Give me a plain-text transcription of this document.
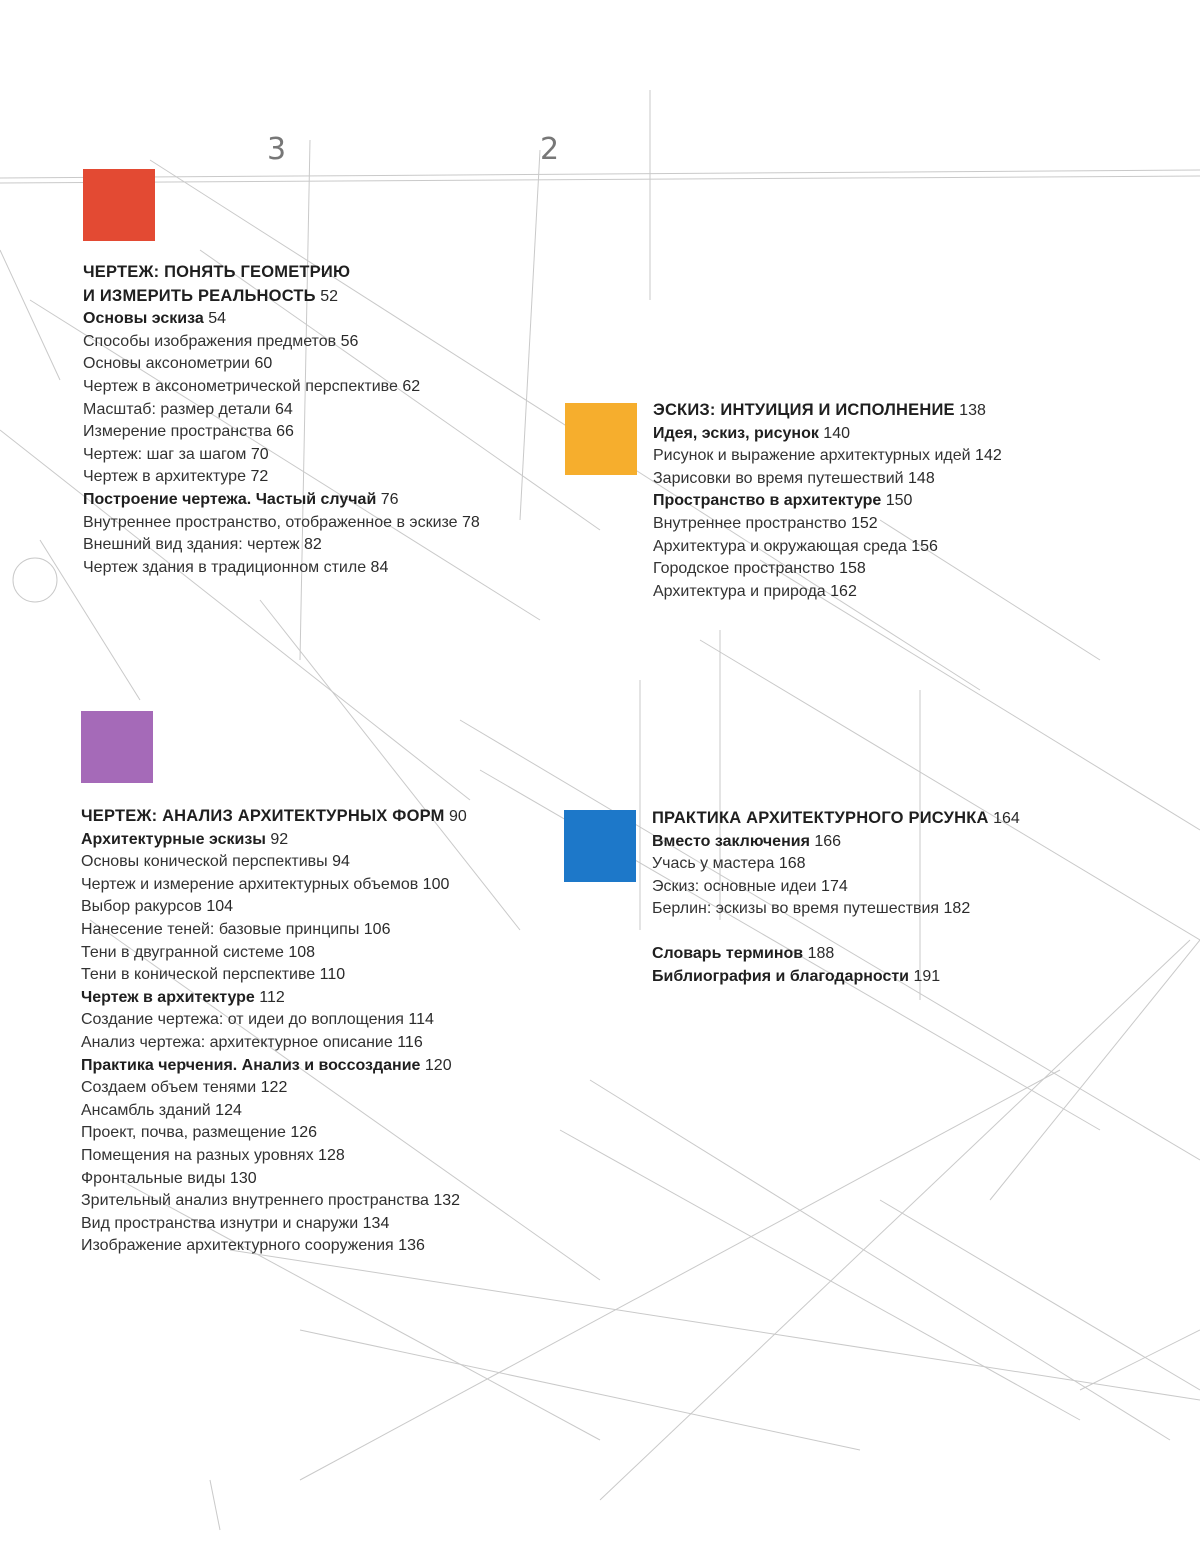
3	2
ЧЕРТЕЖ: ПОНЯТЬ ГЕОМЕТРИЮ
И ИЗМЕРИТЬ РЕАЛЬНОСТЬ 52
Основы эскиза 54
Способы изображения предметов 56
Основы аксонометрии 60
Чертеж в аксонометрической перспективе 62
Масштаб: размер детали 64
Измерение пространства 66
Чертеж: шаг за шагом 70
Чертеж в архитектуре 72
Построение чертежа. Частый случай 76
Внутреннее пространство, отображенное в эскизе 78
Внешний вид здания: чертеж 82
Чертеж здания в традиционном стиле 84
ЭСКИЗ: ИНТУИЦИЯ И ИСПОЛНЕНИЕ 138
Идея, эскиз, рисунок 140
Рисунок и выражение архитектурных идей 142
Зарисовки во время путешествий 148
Пространство в архитектуре 150
Внутреннее пространство 152
Архитектура и окружающая среда 156
Городское пространство 158
Архитектура и природа 162
ЧЕРТЕЖ: АНАЛИЗ АРХИТЕКТУРНЫХ ФОРМ 90
Архитектурные эскизы 92
Основы конической перспективы 94
Чертеж и измерение архитектурных объемов 100
Выбор ракурсов 104
Нанесение теней: базовые принципы 106
Тени в двугранной системе 108
Тени в конической перспективе 110
Чертеж в архитектуре 112
Создание чертежа: от идеи до воплощения 114
Анализ чертежа: архитектурное описание 116
Практика черчения. Анализ и воссоздание 120
Создаем объем тенями 122
Ансамбль зданий 124
Проект, почва, размещение 126
Помещения на разных уровнях 128
Фронтальные виды 130
Зрительный анализ внутреннего пространства 132
Вид пространства изнутри и снаружи 134
Изображение архитектурного сооружения 136
ПРАКТИКА АРХИТЕКТУРНОГО РИСУНКА 164
Вместо заключения 166
Учась у мастера 168
Эскиз: основные идеи 174
Берлин: эскизы во время путешествия 182
Словарь терминов 188
Библиография и благодарности 191
